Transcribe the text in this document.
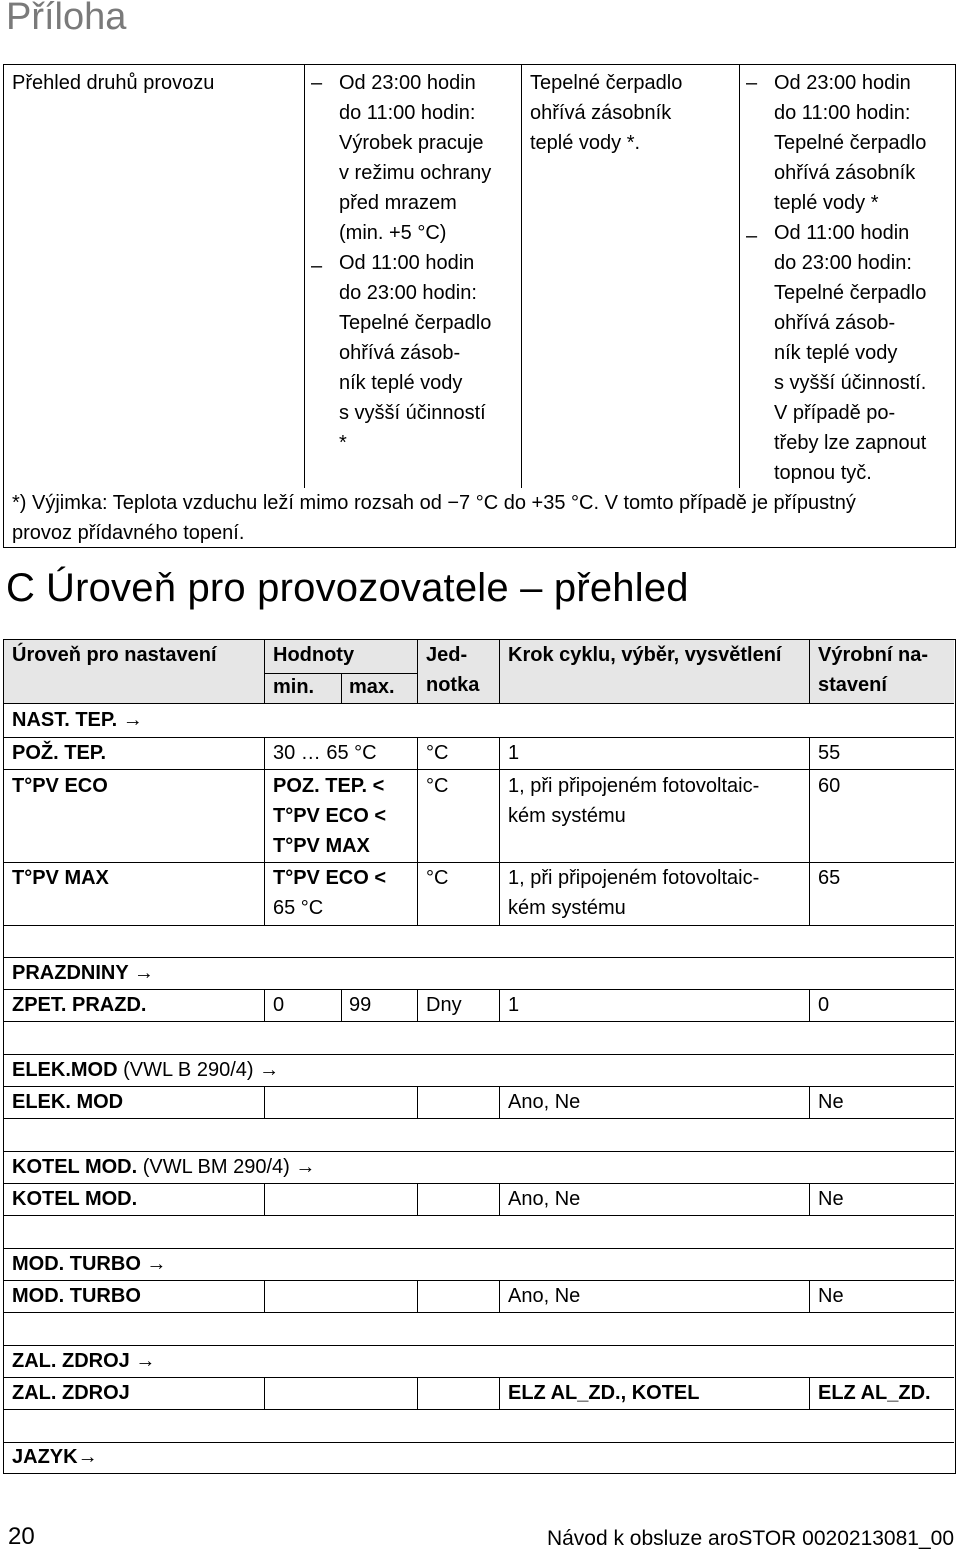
Příloha
Přehled druhů provozu
–	Od 23:00 hodin
do 11:00 hodin:
Výrobek pracuje
v režimu ochrany
před mrazem
(min. +5 °C)
– Od 11:00 hodin
do 23:00 hodin:
Tepelné čerpadlo
ohřívá zásob-
ník teplé vody
s vyšší účinností
*
Tepelné čerpadlo
ohřívá zásobník
teplé vody *.
– Od 23:00 hodin
do 11:00 hodin:
Tepelné čerpadlo
ohřívá zásobník
teplé vody *
– Od 11:00 hodin
do 23:00 hodin:
Tepelné čerpadlo
ohřívá zásob-
ník teplé vody
s vyšší účinností.
V případě po-
třeby lze zapnout
topnou tyč.
*) Výjimka: Teplota vzduchu leží mimo rozsah od −7 °C do +35 °C. V tomto případě je přípustný
provoz přídavného topení.
C Úroveň pro provozovatele – přehled
Úroveň pro nastavení	Hodnoty
min. max.
Jed-
notka
Krok cyklu, výběr, vysvětlení Výrobní na-
stavení
NAST. TEP. →
POŽ. TEP.	30 … 65 °C °C	1	55
T°PV ECO	POZ. TEP. <
T°PV ECO <
T°PV MAX
°C	1, při připojeném fotovoltaic-
kém systému
60
T°PV MAX	T°PV ECO <
65 °C
°C	1, při připojeném fotovoltaic-
kém systému
65
PRAZDNINY →
ZPET. PRAZD.	0	99	Dny 1	0
ELEK.MOD (VWL B 290/4) →
ELEK. MOD	Ano, Ne	Ne
KOTEL MOD. (VWL BM 290/4) →
KOTEL MOD.	Ano, Ne	Ne
MOD. TURBO →
MOD. TURBO	Ano, Ne	Ne
ZAL. ZDROJ →
ZAL. ZDROJ	ELZ AL_ZD., KOTEL	ELZ AL_ZD.
JAZYK→
20	Návod k obsluze aroSTOR 0020213081_00
